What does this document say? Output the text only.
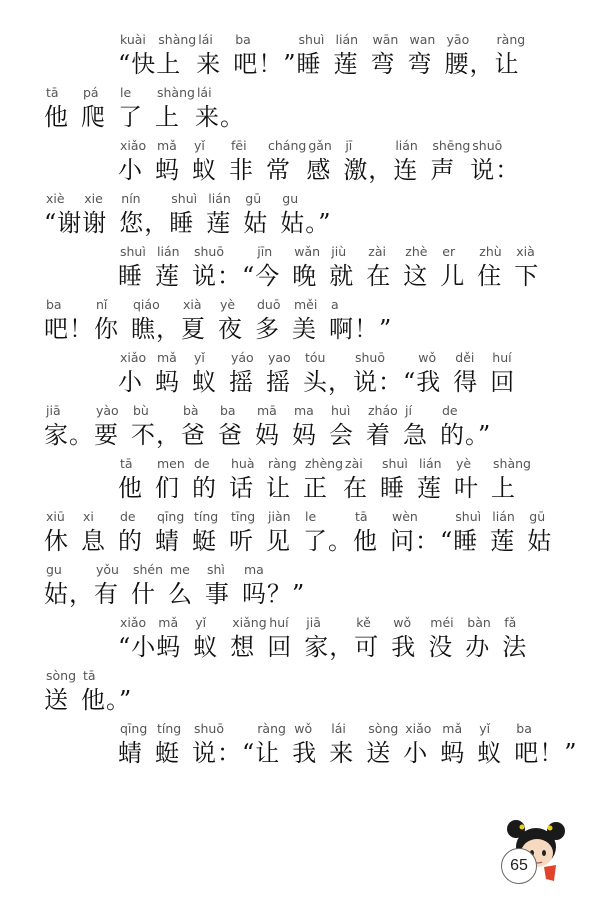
kuài
“快
shàng
上
lái
来
ba
吧！”
shuì
睡
lián
莲
wān
弯
wan
弯
yāo
腰，
ràng
让
tā
他
pá
爬
le
了
shàng
上
lái
来。
xiǎo
小
mǎ
蚂
yǐ
蚁
fēi
非
cháng
常
gǎn
感
jī
激，
lián
连
shēng
声
shuō
说：
xiè
“谢
xie
谢
nín
您，
shuì
睡
lián
莲
gū
姑
gu
姑。”
shuì
睡
lián
莲
shuō
说：“
jīn
今
wǎn
晚
jiù
就
zài
在
zhè
这
er
儿
zhù
住
xià
下
ba
吧！
nǐ
你
qiáo
瞧，
xià
夏
yè
夜
duō
多
měi
美
a
啊！”
xiǎo
小
mǎ
蚂
yǐ
蚁
yáo
摇
yao
摇
tóu
头，
shuō
说：“
wǒ
我
děi
得
huí
回
jiā
家。
yào
要
bù
不，
bà
爸
ba
爸
mā
妈
ma
妈
huì
会
zháo
着
jí
急
de
的。”
tā
他
men
们
de
的
huà
话
ràng
让
zhèng
正
zài
在
shuì
睡
lián
莲
yè
叶
shàng
上
xiū
休
xi
息
de
的
qīng
蜻
tíng
蜓
tīng
听
jiàn
见
le
了。
tā
他
wèn
问：“
shuì
睡
lián
莲
gū
姑
gu
姑，
yǒu
有
shén
什
me
么
shì
事
ma
吗？”
xiǎo
“小
mǎ
蚂
yǐ
蚁
xiǎng
想
huí
回
jiā
家，
kě
可
wǒ
我
méi
没
bàn
办
fǎ
法
sòng
送
tā
他。”
qīng
蜻
tíng
蜓
shuō
说：“
ràng
让
wǒ
我
lái
来
sòng
送
xiǎo
小
mǎ
蚂
yǐ
蚁
ba
吧！”
65
